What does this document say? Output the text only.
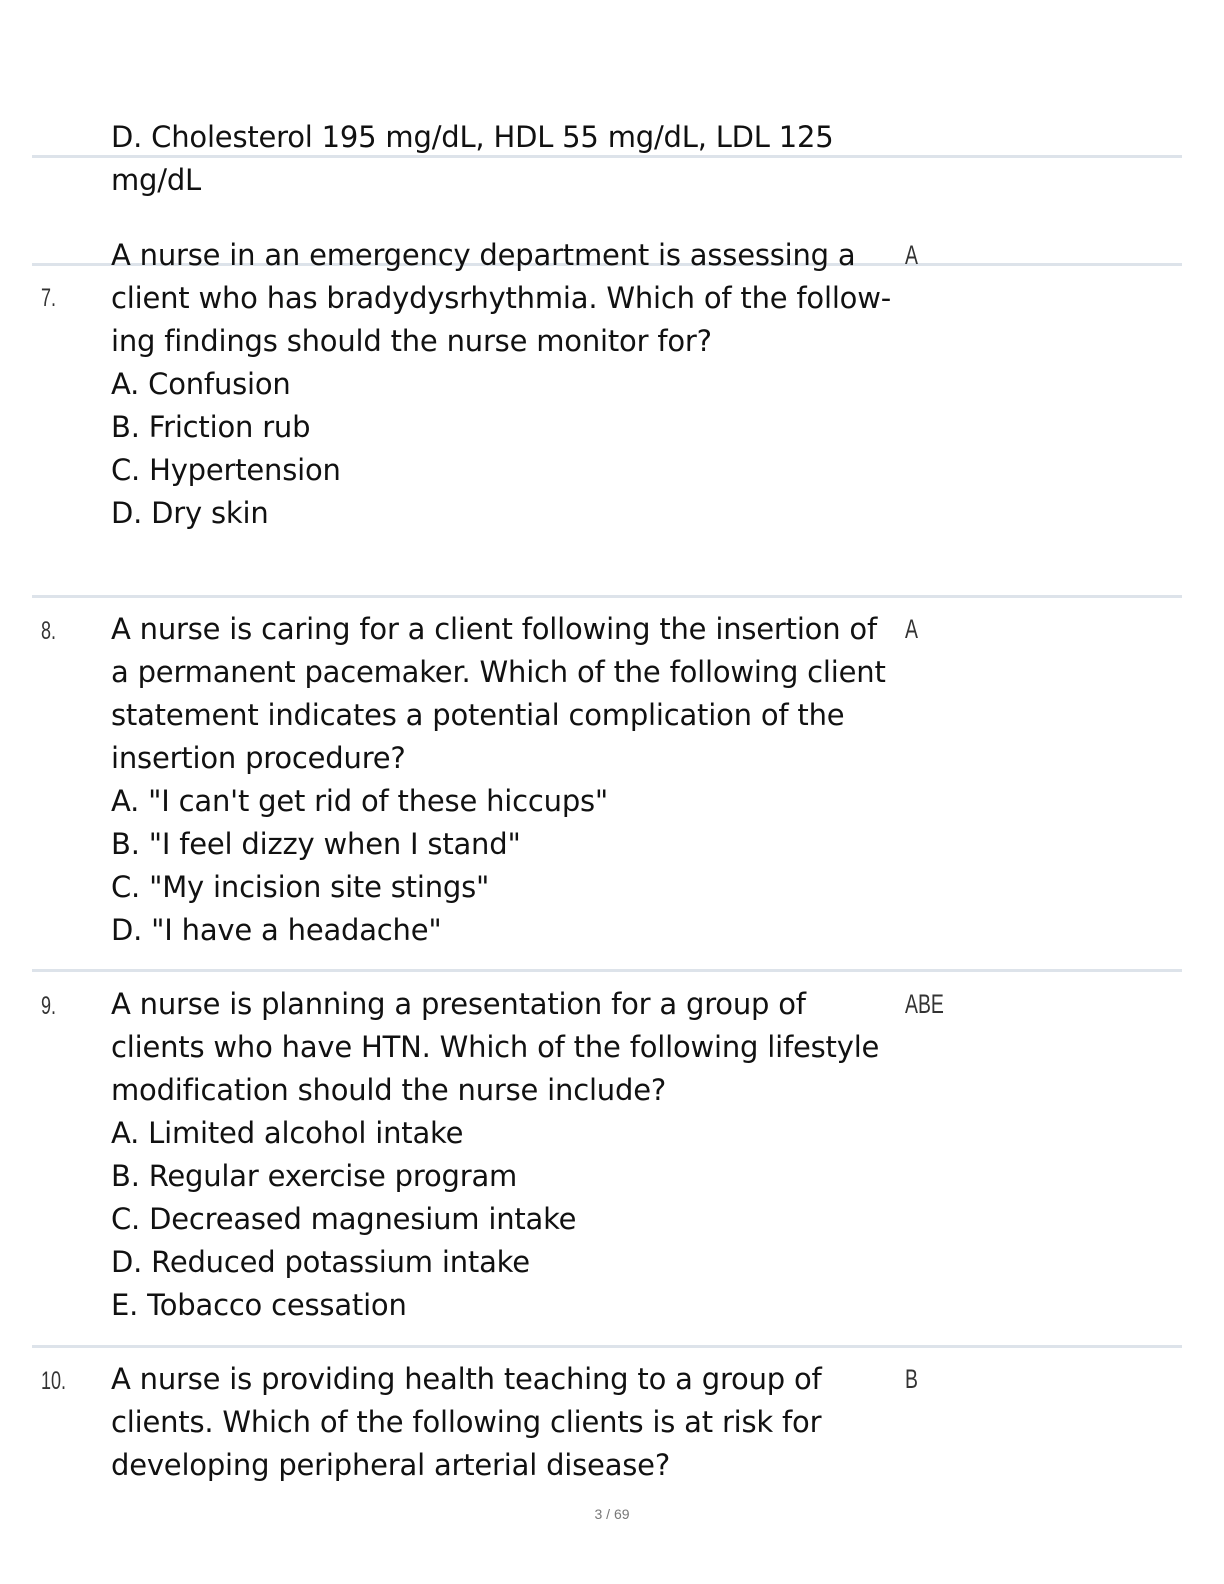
D. Cholesterol 195 mg/dL, HDL 55 mg/dL, LDL 125
mg/dL
7.
A nurse in an emergency department is assessing a
client who has bradydysrhythmia. Which of the follow-
ing findings should the nurse monitor for?
A. Confusion
B. Friction rub
C. Hypertension
D. Dry skin
A
8. A nurse is caring for a client following the insertion of
a permanent pacemaker. Which of the following client
statement indicates a potential complication of the
insertion procedure?
A. "I can't get rid of these hiccups"
B. "I feel dizzy when I stand"
C. "My incision site stings"
D. "I have a headache"
A
9. A nurse is planning a presentation for a group of
clients who have HTN. Which of the following lifestyle
modification should the nurse include?
A. Limited alcohol intake
B. Regular exercise program
C. Decreased magnesium intake
D. Reduced potassium intake
E. Tobacco cessation
ABE
10. A nurse is providing health teaching to a group of
clients. Which of the following clients is at risk for
developing peripheral arterial disease?
B
3 / 69
